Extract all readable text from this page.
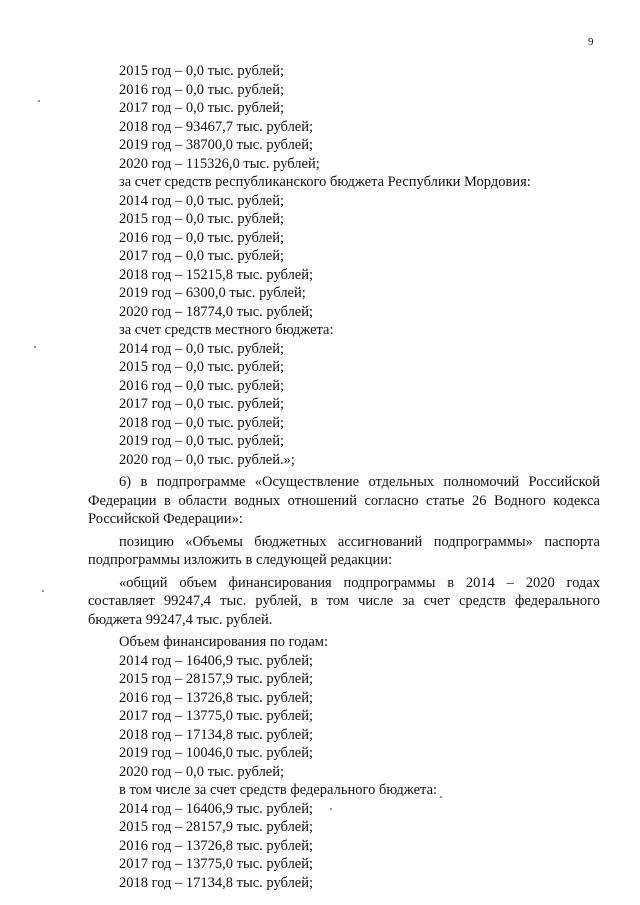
9
2015 год – 0,0 тыс. рублей;
2016 год – 0,0 тыс. рублей;
2017 год – 0,0 тыс. рублей;
2018 год – 93467,7 тыс. рублей;
2019 год – 38700,0 тыс. рублей;
2020 год – 115326,0 тыс. рублей;
за счет средств республиканского бюджета Республики Мордовия:
2014 год – 0,0 тыс. рублей;
2015 год – 0,0 тыс. рублей;
2016 год – 0,0 тыс. рублей;
2017 год – 0,0 тыс. рублей;
2018 год – 15215,8 тыс. рублей;
2019 год – 6300,0 тыс. рублей;
2020 год – 18774,0 тыс. рублей;
за счет средств местного бюджета:
2014 год – 0,0 тыс. рублей;
2015 год – 0,0 тыс. рублей;
2016 год – 0,0 тыс. рублей;
2017 год – 0,0 тыс. рублей;
2018 год – 0,0 тыс. рублей;
2019 год – 0,0 тыс. рублей;
2020 год – 0,0 тыс. рублей.»;

6) в подпрограмме «Осуществление отдельных полномочий Российской Федерации в области водных отношений согласно статье 26 Водного кодекса Российской Федерации»:

позицию «Объемы бюджетных ассигнований подпрограммы» паспорта подпрограммы изложить в следующей редакции:

«общий объем финансирования подпрограммы в 2014 – 2020 годах составляет 99247,4 тыс. рублей, в том числе за счет средств федерального бюджета 99247,4 тыс. рублей.

Объем финансирования по годам:
2014 год – 16406,9 тыс. рублей;
2015 год – 28157,9 тыс. рублей;
2016 год – 13726,8 тыс. рублей;
2017 год – 13775,0 тыс. рублей;
2018 год – 17134,8 тыс. рублей;
2019 год – 10046,0 тыс. рублей;
2020 год – 0,0 тыс. рублей;
в том числе за счет средств федерального бюджета:
2014 год – 16406,9 тыс. рублей;
2015 год – 28157,9 тыс. рублей;
2016 год – 13726,8 тыс. рублей;
2017 год – 13775,0 тыс. рублей;
2018 год – 17134,8 тыс. рублей;
